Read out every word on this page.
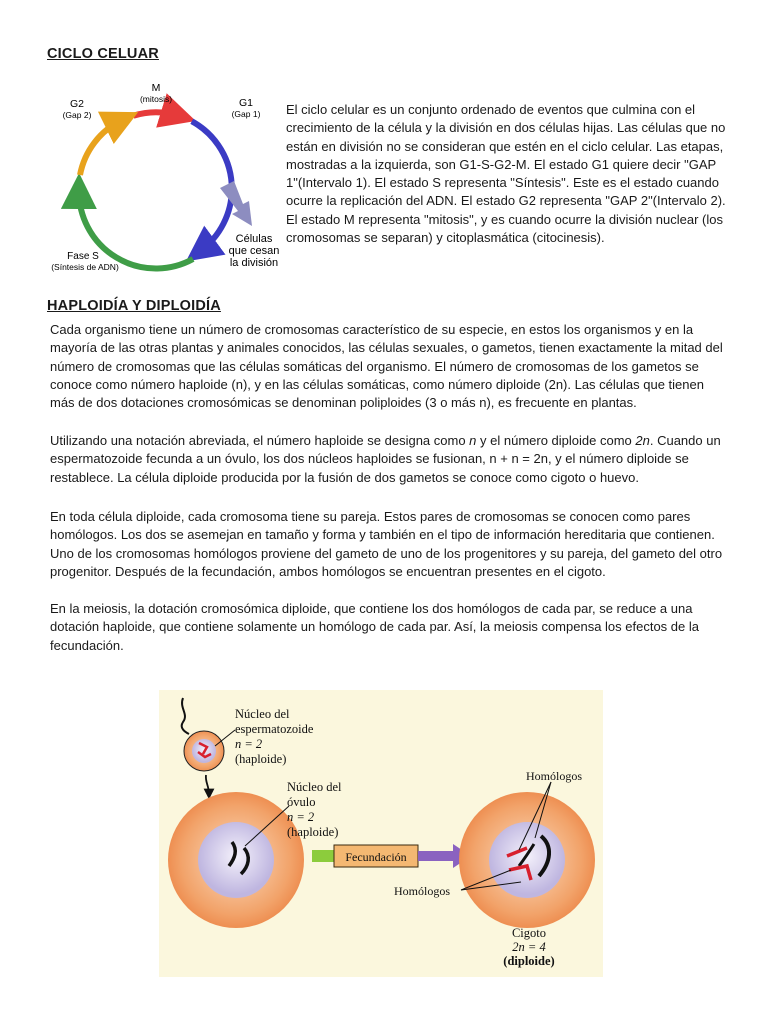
CICLO CELUAR
M
(mitosis)	G1
(Gap 1)
G2
(Gap 2)
Fase S
(Síntesis de ADN)
Células
que cesan
la división

El ciclo celular es un conjunto ordenado de eventos que culmina con el crecimiento de la célula y la división en dos células hijas. Las células que no están en división no se consideran que estén en el ciclo celular. Las etapas, mostradas a la izquierda, son G1-S-G2-M. El estado G1 quiere decir "GAP 1"(Intervalo 1). El estado S representa "Síntesis". Este es el estado cuando ocurre la replicación del ADN. El estado G2 representa "GAP 2"(Intervalo 2). El estado M representa "mitosis", y es cuando ocurre la división nuclear (los cromosomas se separan) y citoplasmática (citocinesis).

HAPLOIDÍA Y DIPLOIDÍA

Cada organismo tiene un número de cromosomas característico de su especie, en estos los organismos y en la mayoría de las otras plantas y animales conocidos, las células sexuales, o gametos, tienen exactamente la mitad del número de cromosomas que las células somáticas del organismo. El número de cromosomas de los gametos se conoce como número haploide (n), y en las células somáticas, como número diploide (2n). Las células que tienen más de dos dotaciones cromosómicas se denominan poliploides (3 o más n), es frecuente en plantas.

Utilizando una notación abreviada, el número haploide se designa como n y el número diploide como 2n. Cuando un espermatozoide fecunda a un óvulo, los dos núcleos haploides se fusionan, n + n = 2n, y el número diploide se restablece. La célula diploide producida por la fusión de dos gametos se conoce como cigoto o huevo.

En toda célula diploide, cada cromosoma tiene su pareja. Estos pares de cromosomas se conocen como pares homólogos. Los dos se asemejan en tamaño y forma y también en el tipo de información hereditaria que contienen. Uno de los cromosomas homólogos proviene del gameto de uno de los progenitores y su pareja, del gameto del otro progenitor. Después de la fecundación, ambos homólogos se encuentran presentes en el cigoto.

En la meiosis, la dotación cromosómica diploide, que contiene los dos homólogos de cada par, se reduce a una dotación haploide, que contiene solamente un homólogo de cada par. Así, la meiosis compensa los efectos de la fecundación.

Núcleo del
espermatozoide
n = 2
(haploide)
Núcleo del
óvulo
n = 2
(haploide)
Fecundación
Homólogos
Homólogos
Cigoto
2n = 4
(diploide)
